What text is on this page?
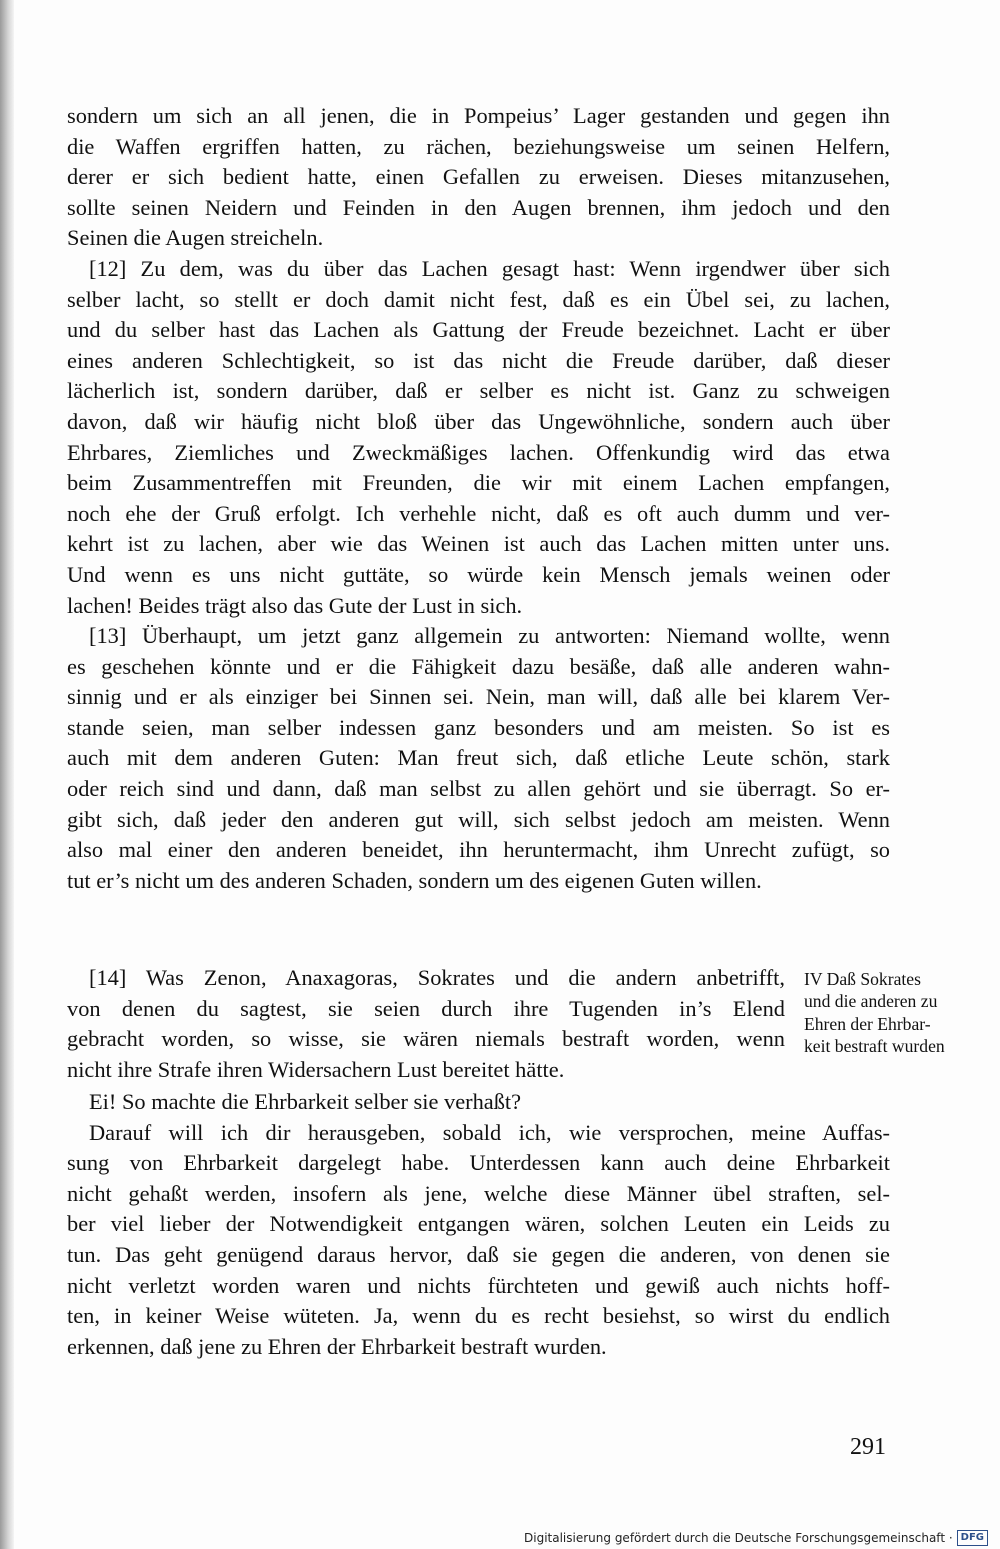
sondern um sich an all jenen, die in Pompeius’ Lager gestanden und gegen ihn
die Waffen ergriffen hatten, zu rächen, beziehungsweise um seinen Helfern,
derer er sich bedient hatte, einen Gefallen zu erweisen. Dieses mitanzusehen,
sollte seinen Neidern und Feinden in den Augen brennen, ihm jedoch und den
Seinen die Augen streicheln.

[12] Zu dem, was du über das Lachen gesagt hast: Wenn irgendwer über sich
selber lacht, so stellt er doch damit nicht fest, daß es ein Übel sei, zu lachen,
und du selber hast das Lachen als Gattung der Freude bezeichnet. Lacht er über
eines anderen Schlechtigkeit, so ist das nicht die Freude darüber, daß dieser
lächerlich ist, sondern darüber, daß er selber es nicht ist. Ganz zu schweigen
davon, daß wir häufig nicht bloß über das Ungewöhnliche, sondern auch über
Ehrbares, Ziemliches und Zweckmäßiges lachen. Offenkundig wird das etwa
beim Zusammentreffen mit Freunden, die wir mit einem Lachen empfangen,
noch ehe der Gruß erfolgt. Ich verhehle nicht, daß es oft auch dumm und ver-
kehrt ist zu lachen, aber wie das Weinen ist auch das Lachen mitten unter uns.
Und wenn es uns nicht guttäte, so würde kein Mensch jemals weinen oder
lachen! Beides trägt also das Gute der Lust in sich.

[13] Überhaupt, um jetzt ganz allgemein zu antworten: Niemand wollte, wenn
es geschehen könnte und er die Fähigkeit dazu besäße, daß alle anderen wahn-
sinnig und er als einziger bei Sinnen sei. Nein, man will, daß alle bei klarem Ver-
stande seien, man selber indessen ganz besonders und am meisten. So ist es
auch mit dem anderen Guten: Man freut sich, daß etliche Leute schön, stark
oder reich sind und dann, daß man selbst zu allen gehört und sie überragt. So er-
gibt sich, daß jeder den anderen gut will, sich selbst jedoch am meisten. Wenn
also mal einer den anderen beneidet, ihn heruntermacht, ihm Unrecht zufügt, so
tut er’s nicht um des anderen Schaden, sondern um des eigenen Guten willen.

[14] Was Zenon, Anaxagoras, Sokrates und die andern anbetrifft,
von denen du sagtest, sie seien durch ihre Tugenden in’s Elend
gebracht worden, so wisse, sie wären niemals bestraft worden, wenn
nicht ihre Strafe ihren Widersachern Lust bereitet hätte.

IV Daß Sokrates
und die anderen zu
Ehren der Ehrbar-
keit bestraft wurden

Ei! So machte die Ehrbarkeit selber sie verhaßt?

Darauf will ich dir herausgeben, sobald ich, wie versprochen, meine Auffas-
sung von Ehrbarkeit dargelegt habe. Unterdessen kann auch deine Ehrbarkeit
nicht gehaßt werden, insofern als jene, welche diese Männer übel straften, sel-
ber viel lieber der Notwendigkeit entgangen wären, solchen Leuten ein Leids zu
tun. Das geht genügend daraus hervor, daß sie gegen die anderen, von denen sie
nicht verletzt worden waren und nichts fürchteten und gewiß auch nichts hoff-
ten, in keiner Weise wüteten. Ja, wenn du es recht besiehst, so wirst du endlich
erkennen, daß jene zu Ehren der Ehrbarkeit bestraft wurden.

291
Digitalisierung gefördert durch die Deutsche Forschungsgemeinschaft · DFG
